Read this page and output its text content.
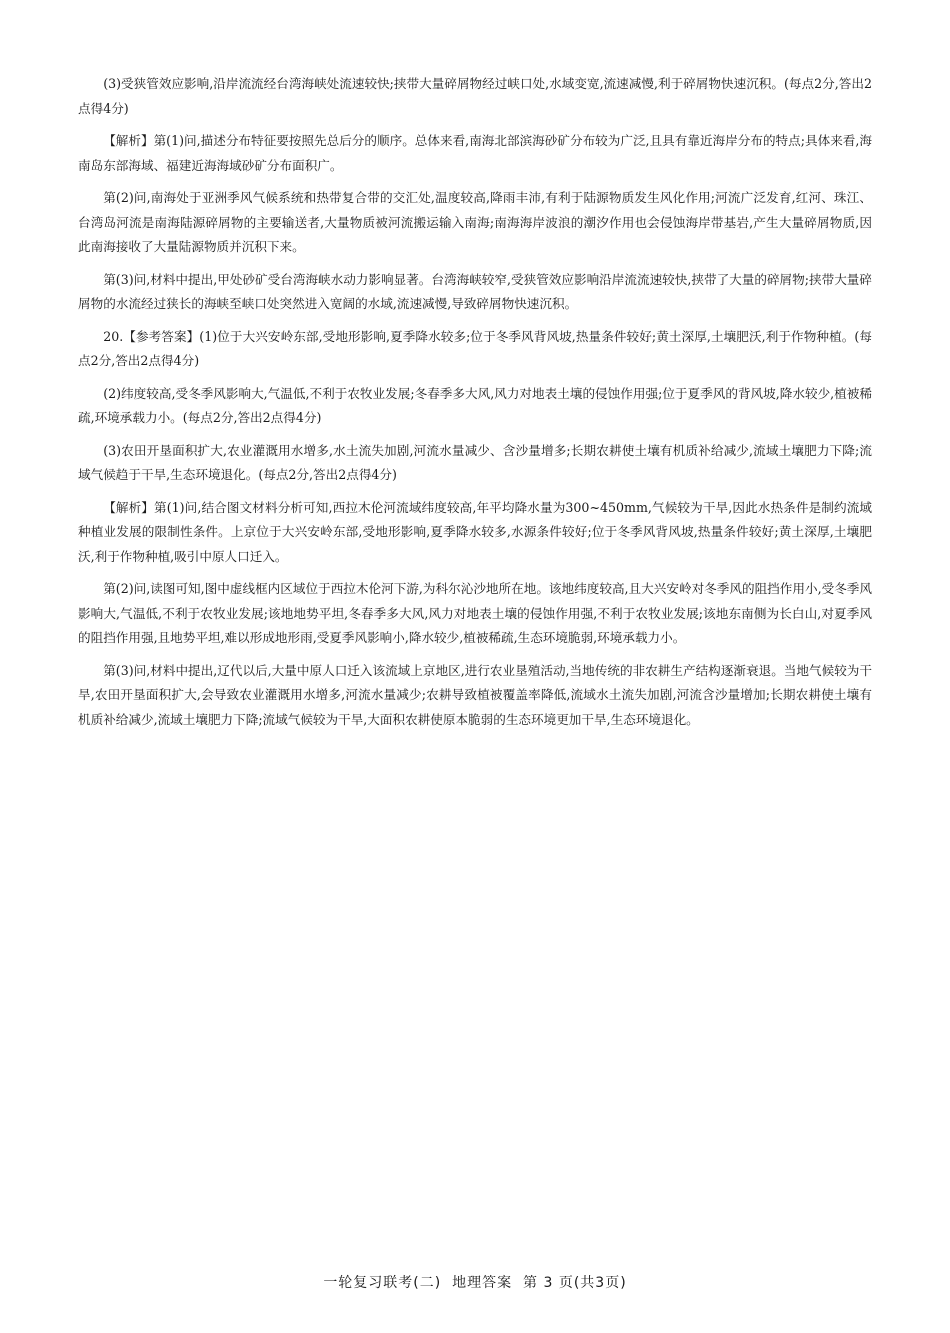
(3)受狭管效应影响,沿岸流流经台湾海峡处流速较快;挟带大量碎屑物经过峡口处,水域变宽,流速减慢,利于碎屑物快速沉积。(每点2分,答出2点得4分)

【解析】第(1)问,描述分布特征要按照先总后分的顺序。总体来看,南海北部滨海砂矿分布较为广泛,且具有靠近海岸分布的特点;具体来看,海南岛东部海域、福建近海海域砂矿分布面积广。

第(2)问,南海处于亚洲季风气候系统和热带复合带的交汇处,温度较高,降雨丰沛,有利于陆源物质发生风化作用;河流广泛发育,红河、珠江、台湾岛河流是南海陆源碎屑物的主要输送者,大量物质被河流搬运输入南海;南海海岸波浪的潮汐作用也会侵蚀海岸带基岩,产生大量碎屑物质,因此南海接收了大量陆源物质并沉积下来。

第(3)问,材料中提出,甲处砂矿受台湾海峡水动力影响显著。台湾海峡较窄,受狭管效应影响沿岸流流速较快,挟带了大量的碎屑物;挟带大量碎屑物的水流经过狭长的海峡至峡口处突然进入宽阔的水域,流速减慢,导致碎屑物快速沉积。

20.【参考答案】(1)位于大兴安岭东部,受地形影响,夏季降水较多;位于冬季风背风坡,热量条件较好;黄土深厚,土壤肥沃,利于作物种植。(每点2分,答出2点得4分)

(2)纬度较高,受冬季风影响大,气温低,不利于农牧业发展;冬春季多大风,风力对地表土壤的侵蚀作用强;位于夏季风的背风坡,降水较少,植被稀疏,环境承载力小。(每点2分,答出2点得4分)

(3)农田开垦面积扩大,农业灌溉用水增多,水土流失加剧,河流水量减少、含沙量增多;长期农耕使土壤有机质补给减少,流域土壤肥力下降;流域气候趋于干旱,生态环境退化。(每点2分,答出2点得4分)

【解析】第(1)问,结合图文材料分析可知,西拉木伦河流域纬度较高,年平均降水量为300~450mm,气候较为干旱,因此水热条件是制约流域种植业发展的限制性条件。上京位于大兴安岭东部,受地形影响,夏季降水较多,水源条件较好;位于冬季风背风坡,热量条件较好;黄土深厚,土壤肥沃,利于作物种植,吸引中原人口迁入。

第(2)问,读图可知,图中虚线框内区域位于西拉木伦河下游,为科尔沁沙地所在地。该地纬度较高,且大兴安岭对冬季风的阻挡作用小,受冬季风影响大,气温低,不利于农牧业发展;该地地势平坦,冬春季多大风,风力对地表土壤的侵蚀作用强,不利于农牧业发展;该地东南侧为长白山,对夏季风的阻挡作用强,且地势平坦,难以形成地形雨,受夏季风影响小,降水较少,植被稀疏,生态环境脆弱,环境承载力小。

第(3)问,材料中提出,辽代以后,大量中原人口迁入该流域上京地区,进行农业垦殖活动,当地传统的非农耕生产结构逐渐衰退。当地气候较为干旱,农田开垦面积扩大,会导致农业灌溉用水增多,河流水量减少;农耕导致植被覆盖率降低,流域水土流失加剧,河流含沙量增加;长期农耕使土壤有机质补给减少,流域土壤肥力下降;流域气候较为干旱,大面积农耕使原本脆弱的生态环境更加干旱,生态环境退化。

一轮复习联考(二)  地理答案  第 3 页(共3页)
